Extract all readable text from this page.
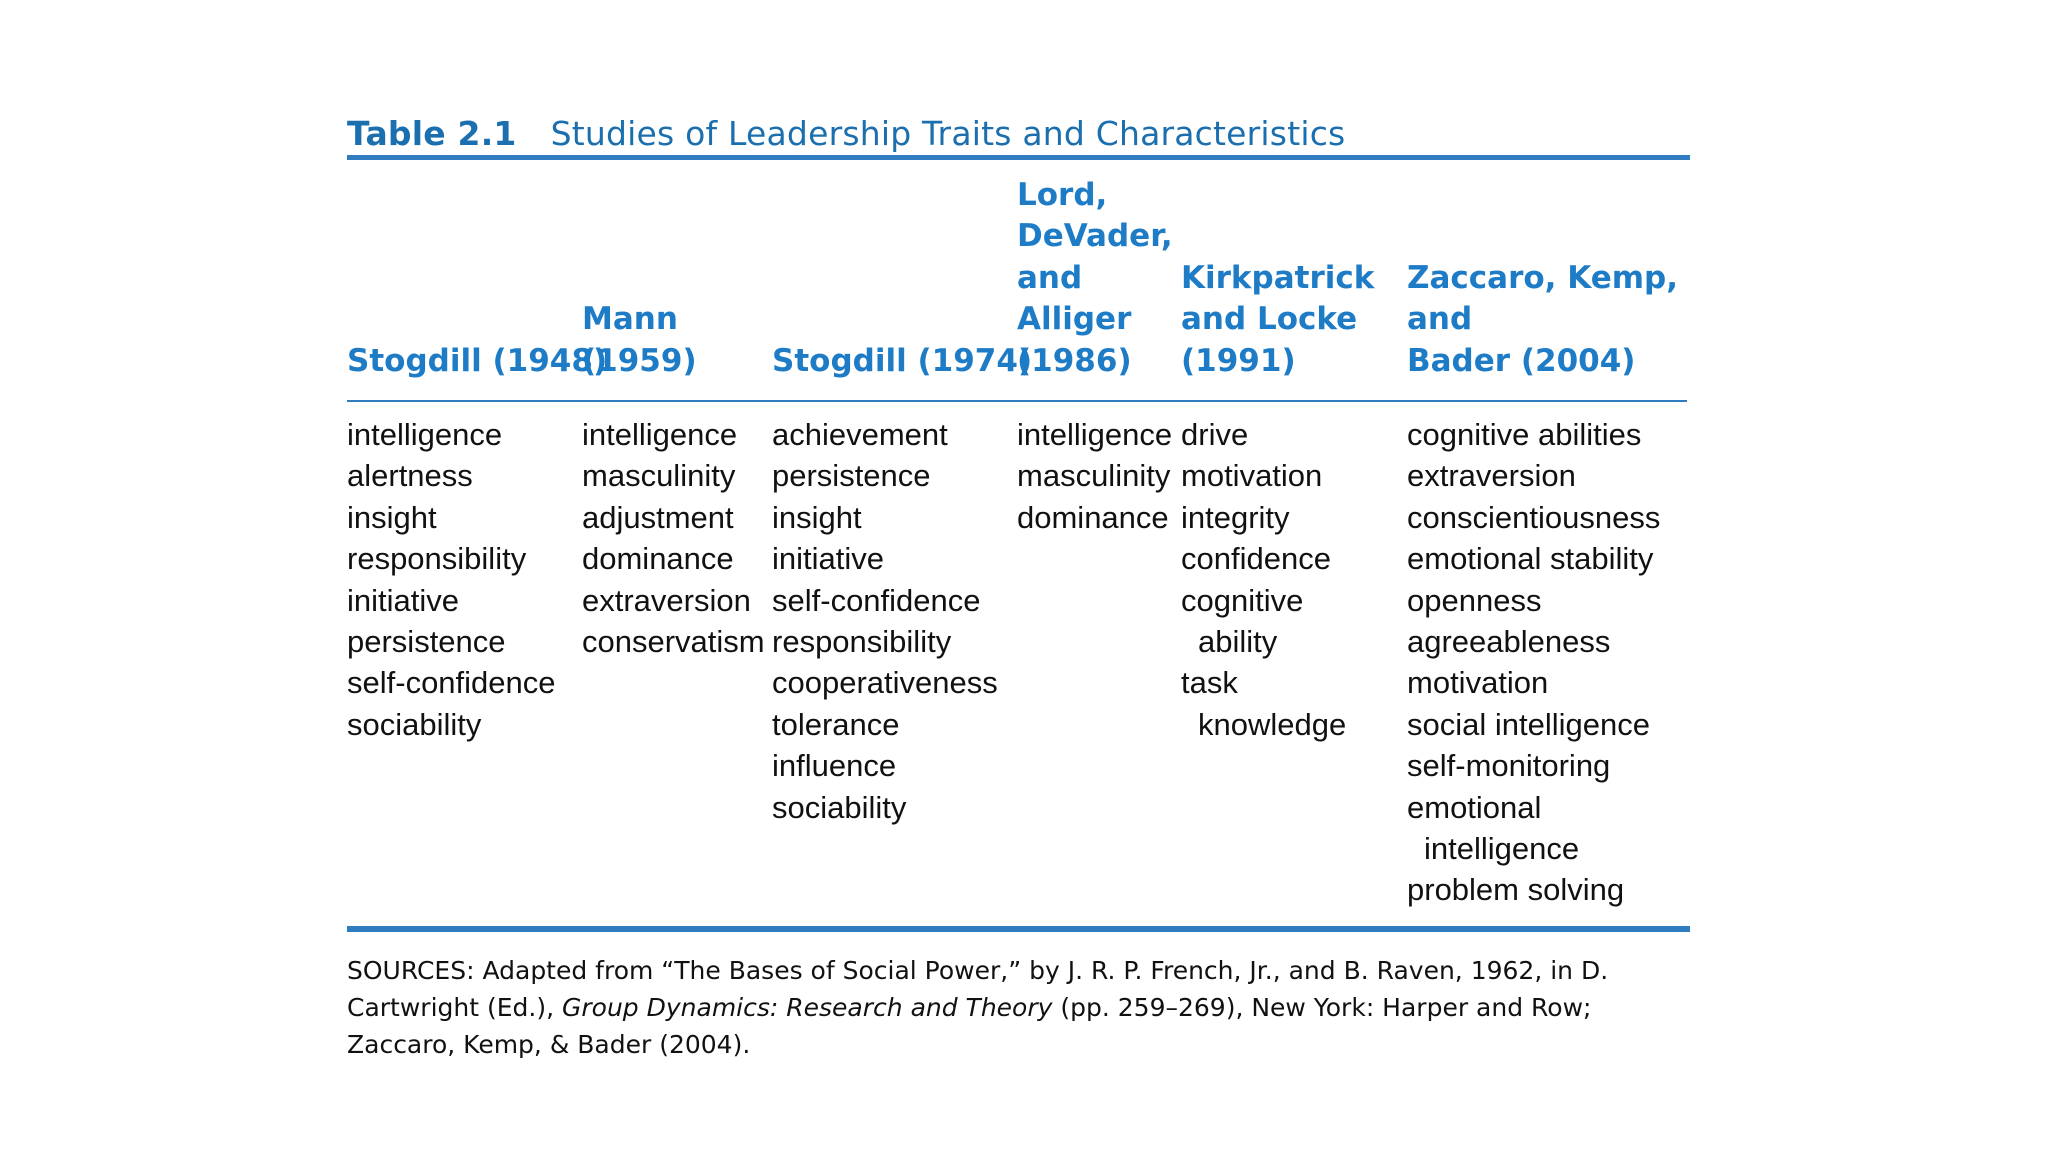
Table 2.1 Studies of Leadership Traits and Characteristics
Stogdill (1948)
Mann
(1959) Stogdill (1974)
Lord,
DeVader,
and
Alliger
(1986)
Kirkpatrick
and Locke
(1991)
Zaccaro, Kemp, and
Bader (2004)
intelligence
alertness
insight
responsibility
initiative
persistence
self-confidence
sociability
intelligence
masculinity
adjustment
dominance
extraversion
conservatism
achievement
persistence
insight
initiative
self-confidence
responsibility
cooperativeness
tolerance
influence
sociability
intelligence
masculinity
dominance
drive
motivation
integrity
confidence
cognitive
ability
task
knowledge
cognitive abilities
extraversion
conscientiousness
emotional stability
openness
agreeableness
motivation
social intelligence
self-monitoring
emotional
intelligence
problem solving
SOURCES: Adapted from “The Bases of Social Power,” by J. R. P. French, Jr., and B. Raven, 1962, in D. Cartwright (Ed.), Group Dynamics: Research and Theory (pp. 259–269), New York: Harper and Row; Zaccaro, Kemp, & Bader (2004).
